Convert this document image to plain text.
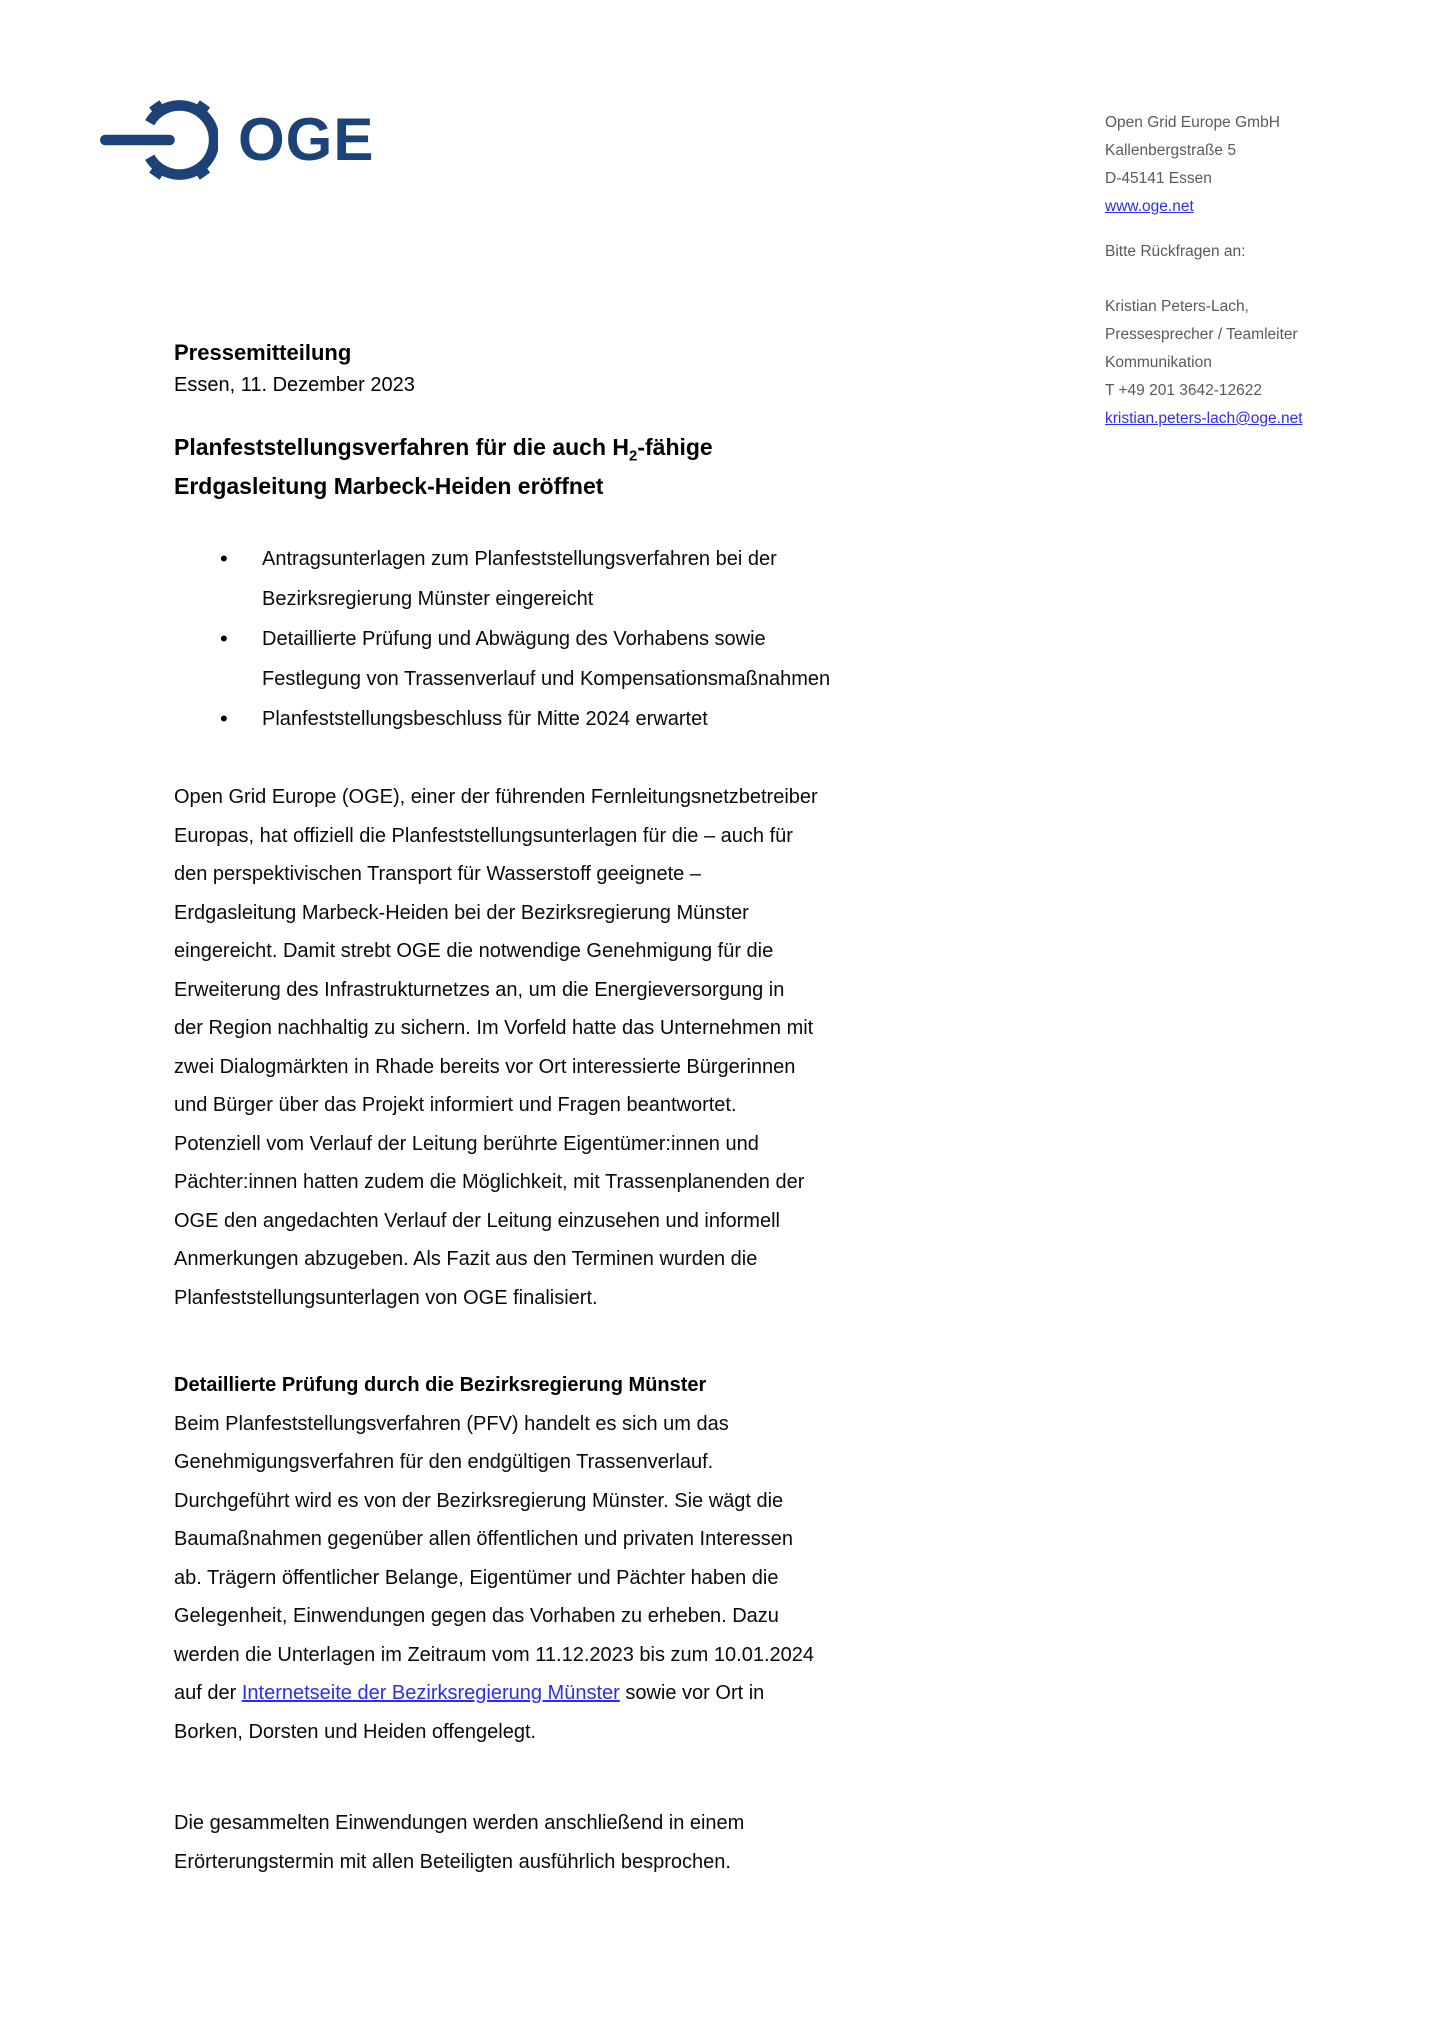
OGE	Open Grid Europe GmbH
Kallenbergstraße 5
D-45141 Essen
www.oge.net
Bitte Rückfragen an:
Kristian Peters-Lach,
Pressesprecher / Teamleiter
Kommunikation
T +49 201 3642-12622
kristian.peters-lach@oge.net
Pressemitteilung
Essen, 11. Dezember 2023
Planfeststellungsverfahren für die auch $H_2$-fähige
Erdgasleitung Marbeck-Heiden eröffnet
• Antragsunterlagen zum Planfeststellungsverfahren bei der
Bezirksregierung Münster eingereicht
• Detaillierte Prüfung und Abwägung des Vorhabens sowie
Festlegung von Trassenverlauf und Kompensationsmaßnahmen
• Planfeststellungsbeschluss für Mitte 2024 erwartet
Open Grid Europe (OGE), einer der führenden Fernleitungsnetzbetreiber
Europas, hat offiziell die Planfeststellungsunterlagen für die – auch für
den perspektivischen Transport für Wasserstoff geeignete –
Erdgasleitung Marbeck-Heiden bei der Bezirksregierung Münster
eingereicht. Damit strebt OGE die notwendige Genehmigung für die
Erweiterung des Infrastrukturnetzes an, um die Energieversorgung in
der Region nachhaltig zu sichern. Im Vorfeld hatte das Unternehmen mit
zwei Dialogmärkten in Rhade bereits vor Ort interessierte Bürgerinnen
und Bürger über das Projekt informiert und Fragen beantwortet.
Potenziell vom Verlauf der Leitung berührte Eigentümer:innen und
Pächter:innen hatten zudem die Möglichkeit, mit Trassenplanenden der
OGE den angedachten Verlauf der Leitung einzusehen und informell
Anmerkungen abzugeben. Als Fazit aus den Terminen wurden die
Planfeststellungsunterlagen von OGE finalisiert.
Detaillierte Prüfung durch die Bezirksregierung Münster
Beim Planfeststellungsverfahren (PFV) handelt es sich um das
Genehmigungsverfahren für den endgültigen Trassenverlauf.
Durchgeführt wird es von der Bezirksregierung Münster. Sie wägt die
Baumaßnahmen gegenüber allen öffentlichen und privaten Interessen
ab. Trägern öffentlicher Belange, Eigentümer und Pächter haben die
Gelegenheit, Einwendungen gegen das Vorhaben zu erheben. Dazu
werden die Unterlagen im Zeitraum vom 11.12.2023 bis zum 10.01.2024
auf der Internetseite der Bezirksregierung Münster sowie vor Ort in
Borken, Dorsten und Heiden offengelegt.
Die gesammelten Einwendungen werden anschließend in einem
Erörterungstermin mit allen Beteiligten ausführlich besprochen.
